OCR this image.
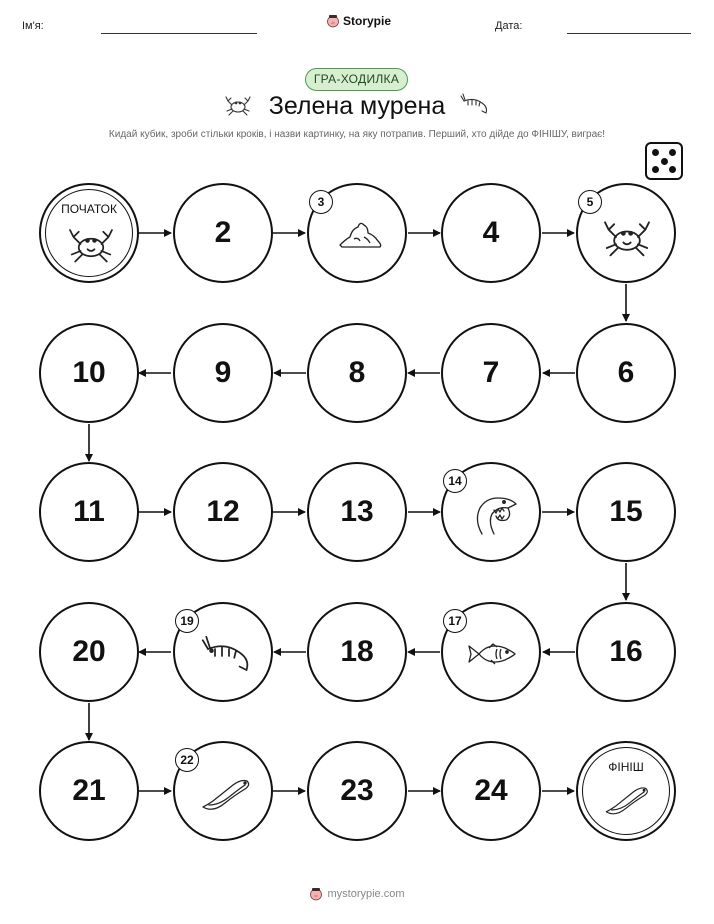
Ім'я:	Storypie	Дата:
ГРА-ХОДИЛКА
Зелена мурена
Кидай кубик, зроби стільки кроків, і назви картинку, на яку потрапив. Перший, хто дійде до ФІНІШУ, виграє!
ПОЧАТОК
2
3
4
5
10	9	8	7	6
11	12	13
14
15
20
19
18
17
16
21
22
23	24
ФІНІШ
mystorypie.com
